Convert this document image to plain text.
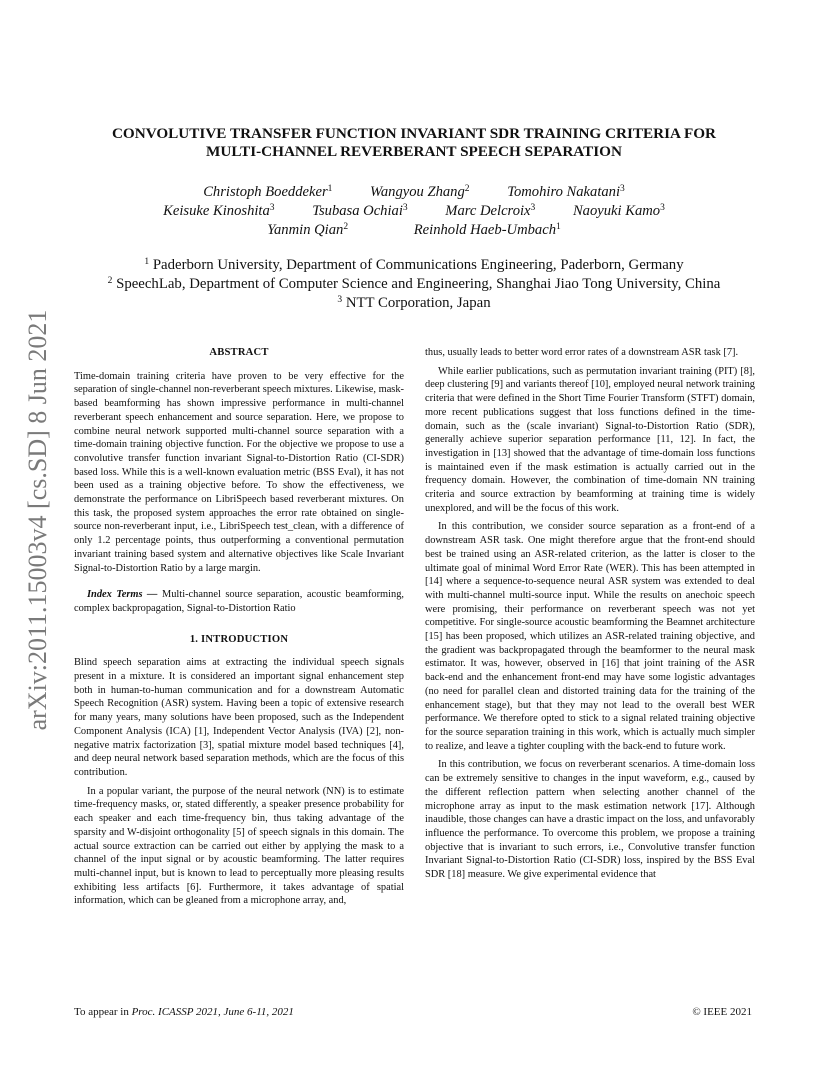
CONVOLUTIVE TRANSFER FUNCTION INVARIANT SDR TRAINING CRITERIA FOR
MULTI-CHANNEL REVERBERANT SPEECH SEPARATION
Christoph Boeddeker$^1$	Wangyou Zhang$^2$	Tomohiro Nakatani$^3$
Keisuke Kinoshita$^3$	Tsubasa Ochiai$^3$	Marc Delcroix$^3$	Naoyuki Kamo$^3$
Yanmin Qian$^2$	Reinhold Haeb-Umbach$^1$
$^1$ Paderborn University, Department of Communications Engineering, Paderborn, Germany
$^2$ SpeechLab, Department of Computer Science and Engineering, Shanghai Jiao Tong University, China
$^3$ NTT Corporation, Japan
arXiv:2011.15003v4 [cs.SD] 8 Jun 2021	ABSTRACT

Time-domain training criteria have proven to be very effective for the separation of single-channel non-reverberant speech mixtures. Likewise, mask-based beamforming has shown impressive performance in multi-channel reverberant speech enhancement and source separation. Here, we propose to combine neural network supported multi-channel source separation with a time-domain training objective function. For the objective we propose to use a convolutive transfer function invariant Signal-to-Distortion Ratio (CI-SDR) based loss. While this is a well-known evaluation metric (BSS Eval), it has not been used as a training objective before. To show the effectiveness, we demonstrate the performance on LibriSpeech based reverberant mixtures. On this task, the proposed system approaches the error rate obtained on single-source non-reverberant input, i.e., LibriSpeech test_clean, with a difference of only 1.2 percentage points, thus outperforming a conventional permutation invariant training based system and alternative objectives like Scale Invariant Signal-to-Distortion Ratio by a large margin.

Index Terms — Multi-channel source separation, acoustic beamforming, complex backpropagation, Signal-to-Distortion Ratio

1. INTRODUCTION

Blind speech separation aims at extracting the individual speech signals present in a mixture. It is considered an important signal enhancement step both in human-to-human communication and for a downstream Automatic Speech Recognition (ASR) system. Having been a topic of extensive research for many years, many solutions have been proposed, such as the Independent Component Analysis (ICA) [1], Independent Vector Analysis (IVA) [2], non-negative matrix factorization [3], spatial mixture model based techniques [4], and deep neural network based separation methods, which are the focus of this contribution.

In a popular variant, the purpose of the neural network (NN) is to estimate time-frequency masks, or, stated differently, a speaker presence probability for each speaker and each time-frequency bin, thus taking advantage of the sparsity and W-disjoint orthogonality [5] of speech signals in this domain. The actual source extraction can be carried out either by applying the mask to a channel of the input signal or by acoustic beamforming. The latter requires multi-channel input, but is known to lead to perceptually more pleasing results exhibiting less artifacts [6]. Furthermore, it takes advantage of spatial information, which can be gleaned from a microphone array, and,

thus, usually leads to better word error rates of a downstream ASR task [7].

While earlier publications, such as permutation invariant training (PIT) [8], deep clustering [9] and variants thereof [10], employed neural network training criteria that were defined in the Short Time Fourier Transform (STFT) domain, more recent publications suggest that loss functions defined in the time-domain, such as the (scale invariant) Signal-to-Distortion Ratio (SDR), generally achieve superior separation performance [11, 12]. In fact, the investigation in [13] showed that the advantage of time-domain loss functions is maintained even if the mask estimation is actually carried out in the frequency domain. However, the combination of time-domain NN training criteria and source extraction by beamforming at training time is widely unexplored, and will be the focus of this work.

In this contribution, we consider source separation as a front-end of a downstream ASR task. One might therefore argue that the front-end should best be trained using an ASR-related criterion, as the latter is closer to the ultimate goal of minimal Word Error Rate (WER). This has been attempted in [14] where a sequence-to-sequence neural ASR system was extended to deal with multi-channel multi-source input. While the results on anechoic speech were promising, their performance on reverberant speech was not yet competitive. For single-source acoustic beamforming the Beamnet architecture [15] has been proposed, which utilizes an ASR-related training objective, and the gradient was backpropagated through the beamformer to the neural mask estimator. It was, however, observed in [16] that joint training of the ASR back-end and the enhancement front-end may have some logistic advantages (no need for parallel clean and distorted training data for the training of the enhancement stage), but that they may not lead to the overall best WER performance. We therefore opted to stick to a signal related training objective for the source separation training in this work, which is actually much simpler to realize, and leave a tighter coupling with the back-end to future work.

In this contribution, we focus on reverberant scenarios. A time-domain loss can be extremely sensitive to changes in the input waveform, e.g., caused by the different reflection pattern when selecting another channel of the microphone array as input to the mask estimation network [17]. Although inaudible, those changes can have a drastic impact on the loss, and unfavorably influence the performance. To overcome this problem, we propose a training objective that is invariant to such errors, i.e., Convolutive transfer function Invariant Signal-to-Distortion Ratio (CI-SDR) loss, inspired by the BSS Eval SDR [18] measure. We give experimental evidence that

To appear in Proc. ICASSP 2021, June 6-11, 2021	© IEEE 2021
